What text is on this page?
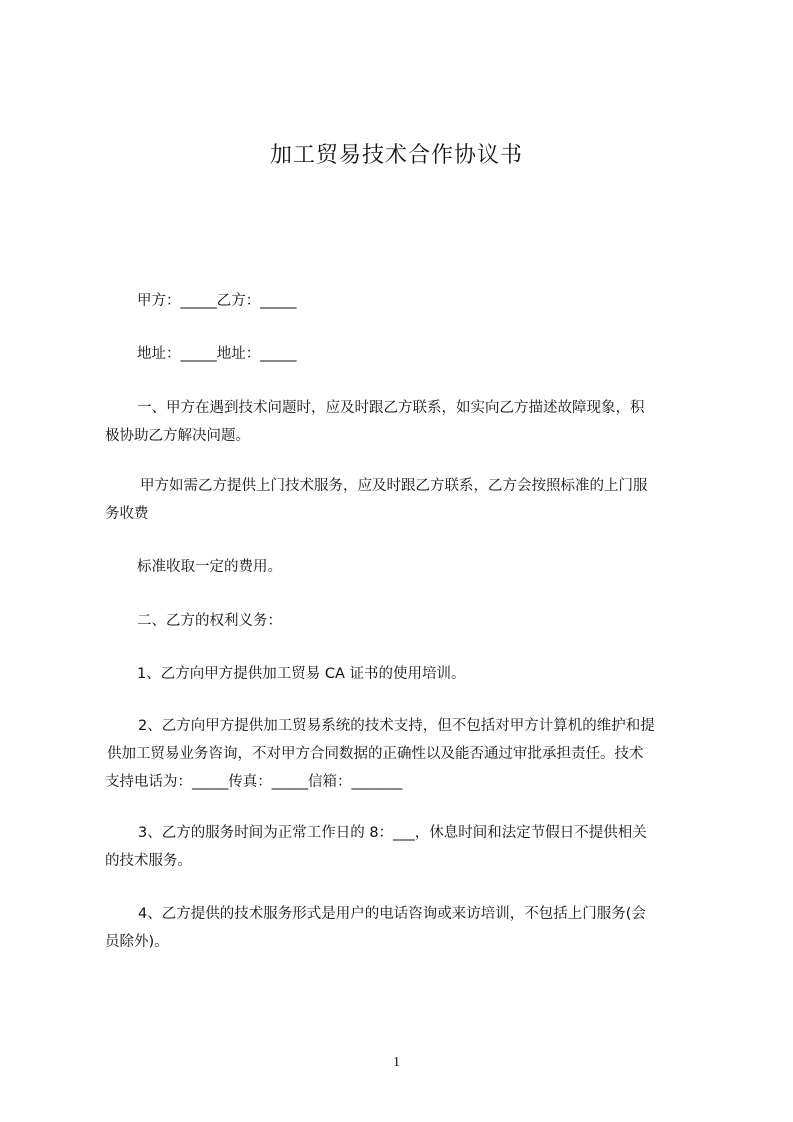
加工贸易技术合作协议书

甲方：_____乙方：_____

地址：_____地址：_____

一、甲方在遇到技术问题时，应及时跟乙方联系，如实向乙方描述故障现象，积
极协助乙方解决问题。
甲方如需乙方提供上门技术服务，应及时跟乙方联系，乙方会按照标准的上门服
务收费

标准收取一定的费用。

二、乙方的权利义务：

1、乙方向甲方提供加工贸易 CA 证书的使用培训。

2、乙方向甲方提供加工贸易系统的技术支持，但不包括对甲方计算机的维护和提
供加工贸易业务咨询，不对甲方合同数据的正确性以及能否通过审批承担责任。技术
支持电话为：_____传真：_____信箱：_______
3、乙方的服务时间为正常工作日的 8：___，休息时间和法定节假日不提供相关
的技术服务。
4、乙方提供的技术服务形式是用户的电话咨询或来访培训，不包括上门服务(会
员除外)。
1
